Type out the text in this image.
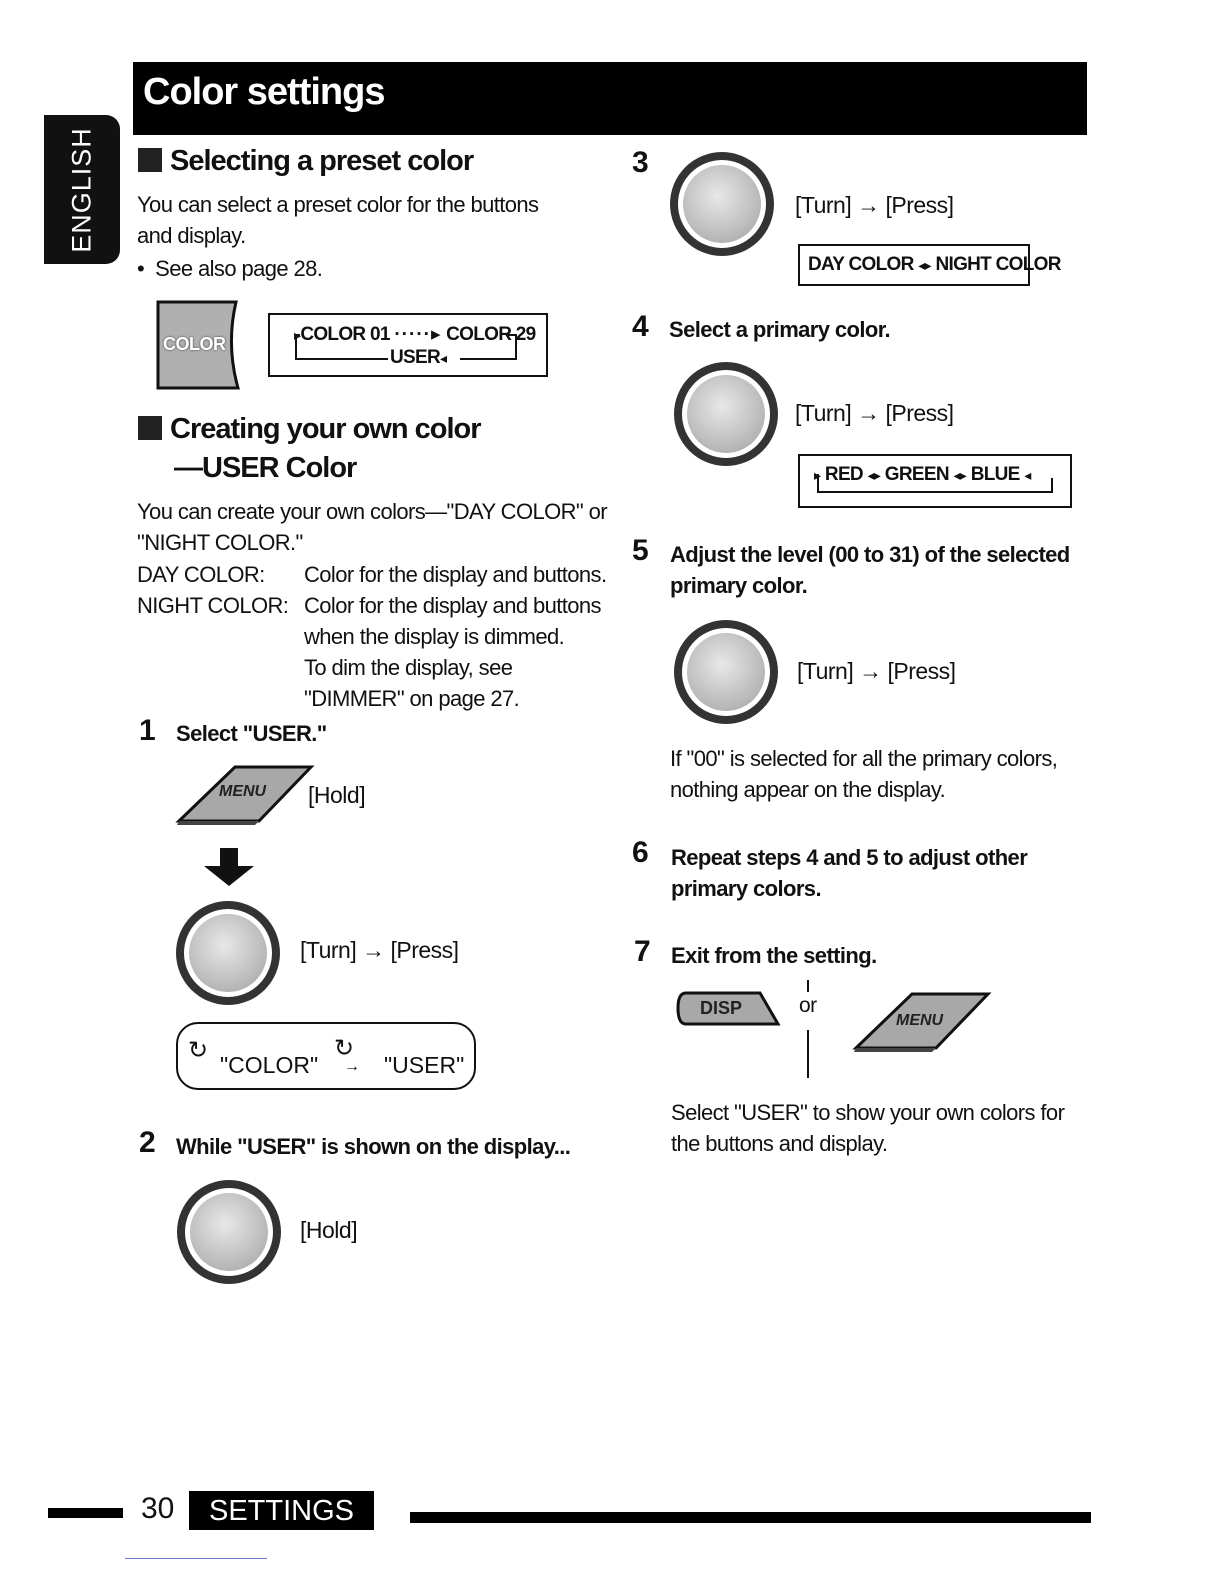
ENGLISH
Color settings
Selecting a preset color
You can select a preset color for the buttons and display.
•  See also page 28.
COLOR	▸COLOR 01 ·····▸ COLOR 29
USER◂
Creating your own color
—USER Color
You can create your own colors—"DAY COLOR" or
"NIGHT COLOR."
DAY COLOR: Color for the display and buttons.
NIGHT COLOR: Color for the display and buttons
when the display is dimmed.
To dim the display, see
"DIMMER" on page 27.
1 Select "USER."
MENU [Hold]
[Turn] → [Press]
↻
"COLOR"
↻
→ "USER"
2 While "USER" is shown on the display...
[Hold]
3
[Turn] → [Press]
DAY COLOR ◂▸ NIGHT COLOR
4 Select a primary color.
[Turn] → [Press]
▸ RED ◂▸ GREEN ◂▸ BLUE ◂
5 Adjust the level (00 to 31) of the selected primary color.
[Turn] → [Press]
If "00" is selected for all the primary colors, nothing appear on the display.
6 Repeat steps 4 and 5 to adjust other primary colors.
7 Exit from the setting.
DISP	or
MENU
Select "USER" to show your own colors for the buttons and display.
30	SETTINGS
